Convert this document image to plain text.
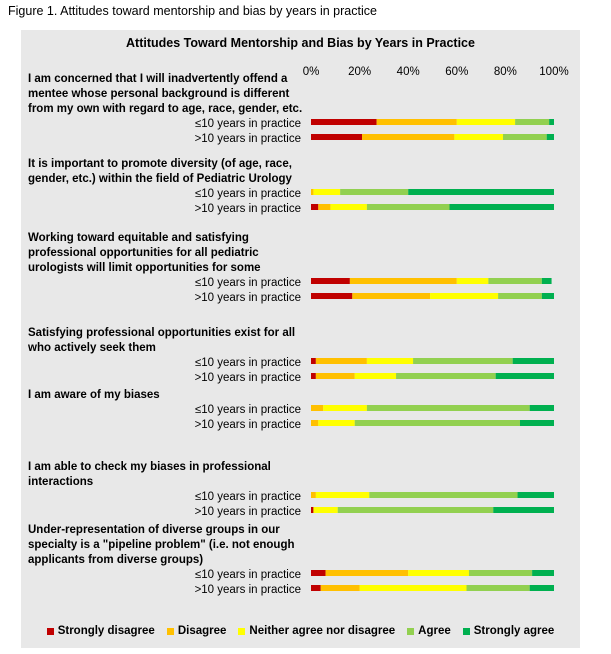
Figure 1. Attitudes toward mentorship and bias by years in practice
Attitudes Toward Mentorship and Bias by Years in Practice
0%	20% 40% 60% 80% 100%
I am concerned that I will inadvertently offend a
mentee whose personal background is different
from my own with regard to age, race, gender, etc.
≤10 years in practice
>10 years in practice
It is important to promote diversity (of age, race,
gender, etc.) within the field of Pediatric Urology
≤10 years in practice
>10 years in practice
Working toward equitable and satisfying
professional opportunities for all pediatric
urologists will limit opportunities for some
≤10 years in practice
>10 years in practice
Satisfying professional opportunities exist for all
who actively seek them
≤10 years in practice
>10 years in practice
I am aware of my biases
≤10 years in practice
>10 years in practice
I am able to check my biases in professional
interactions
≤10 years in practice
>10 years in practice
Under-representation of diverse groups in our
specialty is a "pipeline problem" (i.e. not enough
applicants from diverse groups)
≤10 years in practice
>10 years in practice
Strongly disagree Disagree Neither agree nor disagree Agree Strongly agree
